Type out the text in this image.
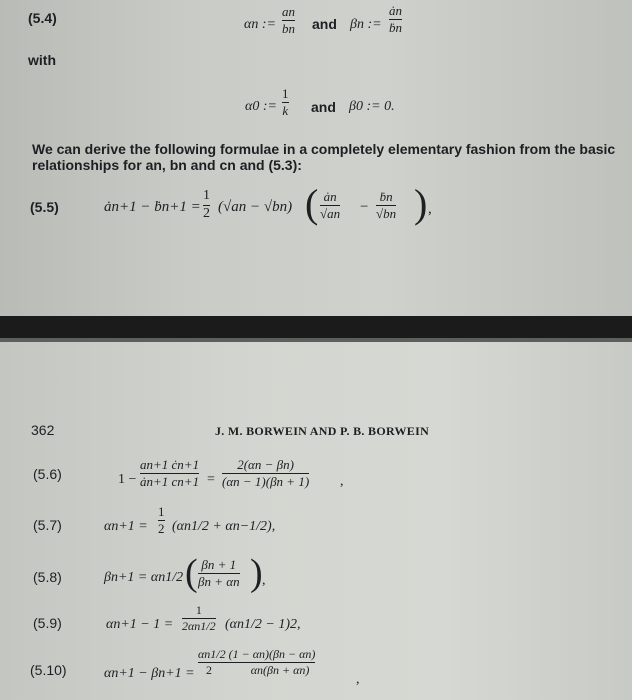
(5.4)	αn :=
an
bn and βn :=
ȧn
ḃn
with
α0 :=
1
k and β0 := 0.
We can derive the following formulae in a completely elementary fashion from the basic
relationships for an, bn and cn and (5.3):
(5.5)	ȧn+1 − ḃn+1 =
1
2 (√an − √bn) ( ȧn
√an −
ḃn
√bn ) ,
362	J. M. BORWEIN AND P. B. BORWEIN
(5.6)	1 −
an+1 ċn+1
ȧn+1 cn+1 =
2(αn − βn)
(αn − 1)(βn + 1) ,
(5.7)	αn+1 =
1
2 (αn1/2 + αn−1/2),
(5.8)	βn+1 = αn1/2 ( βn + 1
βn + αn ) ,
(5.9)	αn+1 − 1 =
1
2αn1/2 (αn1/2 − 1)2,
(5.10)	αn+1 − βn+1 =
αn1/2 (1 − αn)(βn − αn)
2	αn(βn + αn)
,
